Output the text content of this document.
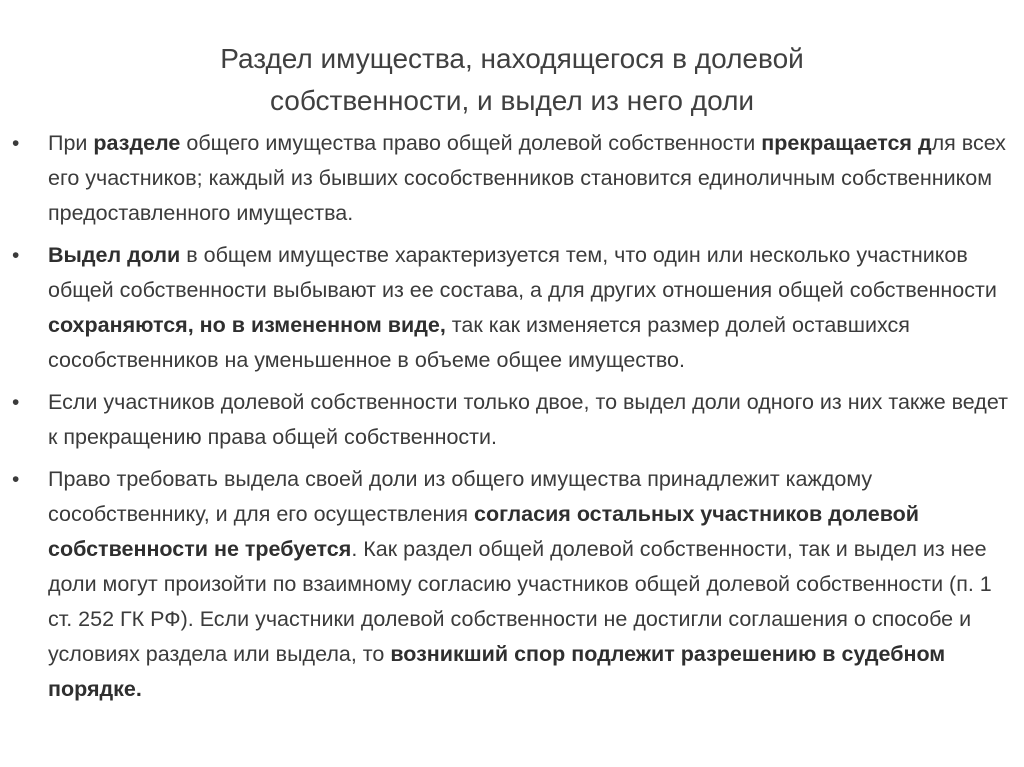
Раздел имущества, находящегося в долевой
собственности, и выдел из него доли
• При разделе общего имущества право общей долевой собственности прекращается для всех его участников; каждый из бывших сособственников становится единоличным собственником предоставленного имущества.
• Выдел доли в общем имуществе характеризуется тем, что один или несколько участников общей собственности выбывают из ее состава, а для других отношения общей собственности сохраняются, но в измененном виде, так как изменяется размер долей оставшихся сособственников на уменьшенное в объеме общее имущество.
• Если участников долевой собственности только двое, то выдел доли одного из них также ведет к прекращению права общей собственности.
• Право требовать выдела своей доли из общего имущества принадлежит каждому сособственнику, и для его осуществления согласия остальных участников долевой собственности не требуется. Как раздел общей долевой собственности, так и выдел из нее доли могут произойти по взаимному согласию участников общей долевой собственности (п. 1 ст. 252 ГК РФ). Если участники долевой собственности не достигли соглашения о способе и условиях раздела или выдела, то возникший спор подлежит разрешению в судебном порядке.
